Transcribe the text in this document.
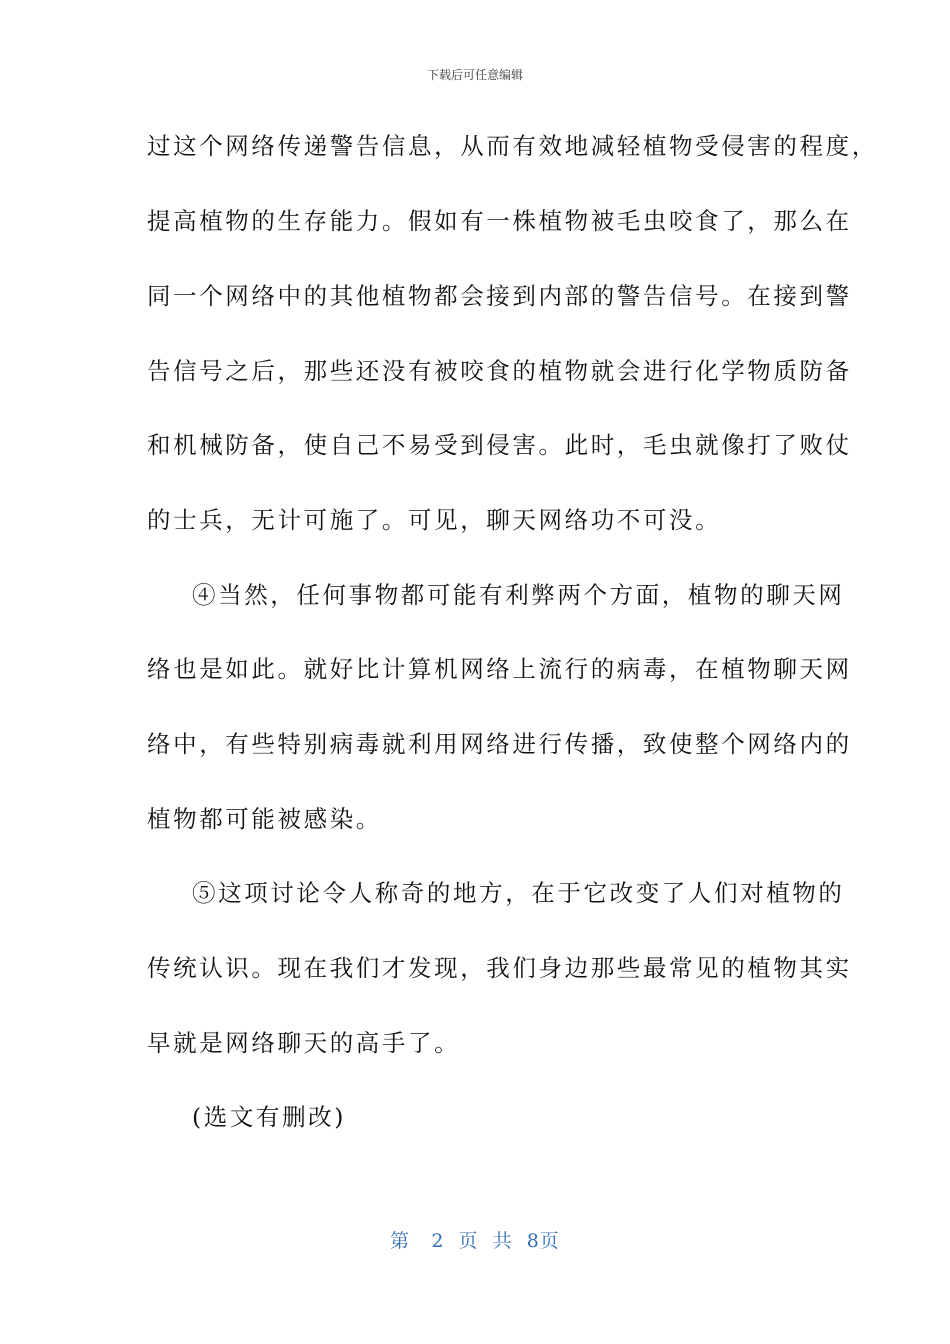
下载后可任意编辑
过这个网络传递警告信息，从而有效地减轻植物受侵害的程度，
提高植物的生存能力。假如有一株植物被毛虫咬食了，那么在
同一个网络中的其他植物都会接到内部的警告信号。在接到警
告信号之后，那些还没有被咬食的植物就会进行化学物质防备
和机械防备，使自己不易受到侵害。此时，毛虫就像打了败仗
的士兵，无计可施了。可见，聊天网络功不可没。
④当然，任何事物都可能有利弊两个方面，植物的聊天网
络也是如此。就好比计算机网络上流行的病毒，在植物聊天网
络中，有些特别病毒就利用网络进行传播，致使整个网络内的
植物都可能被感染。
⑤这项讨论令人称奇的地方，在于它改变了人们对植物的
传统认识。现在我们才发现，我们身边那些最常见的植物其实
早就是网络聊天的高手了。
(选文有删改)
第 2 页 共 8页
